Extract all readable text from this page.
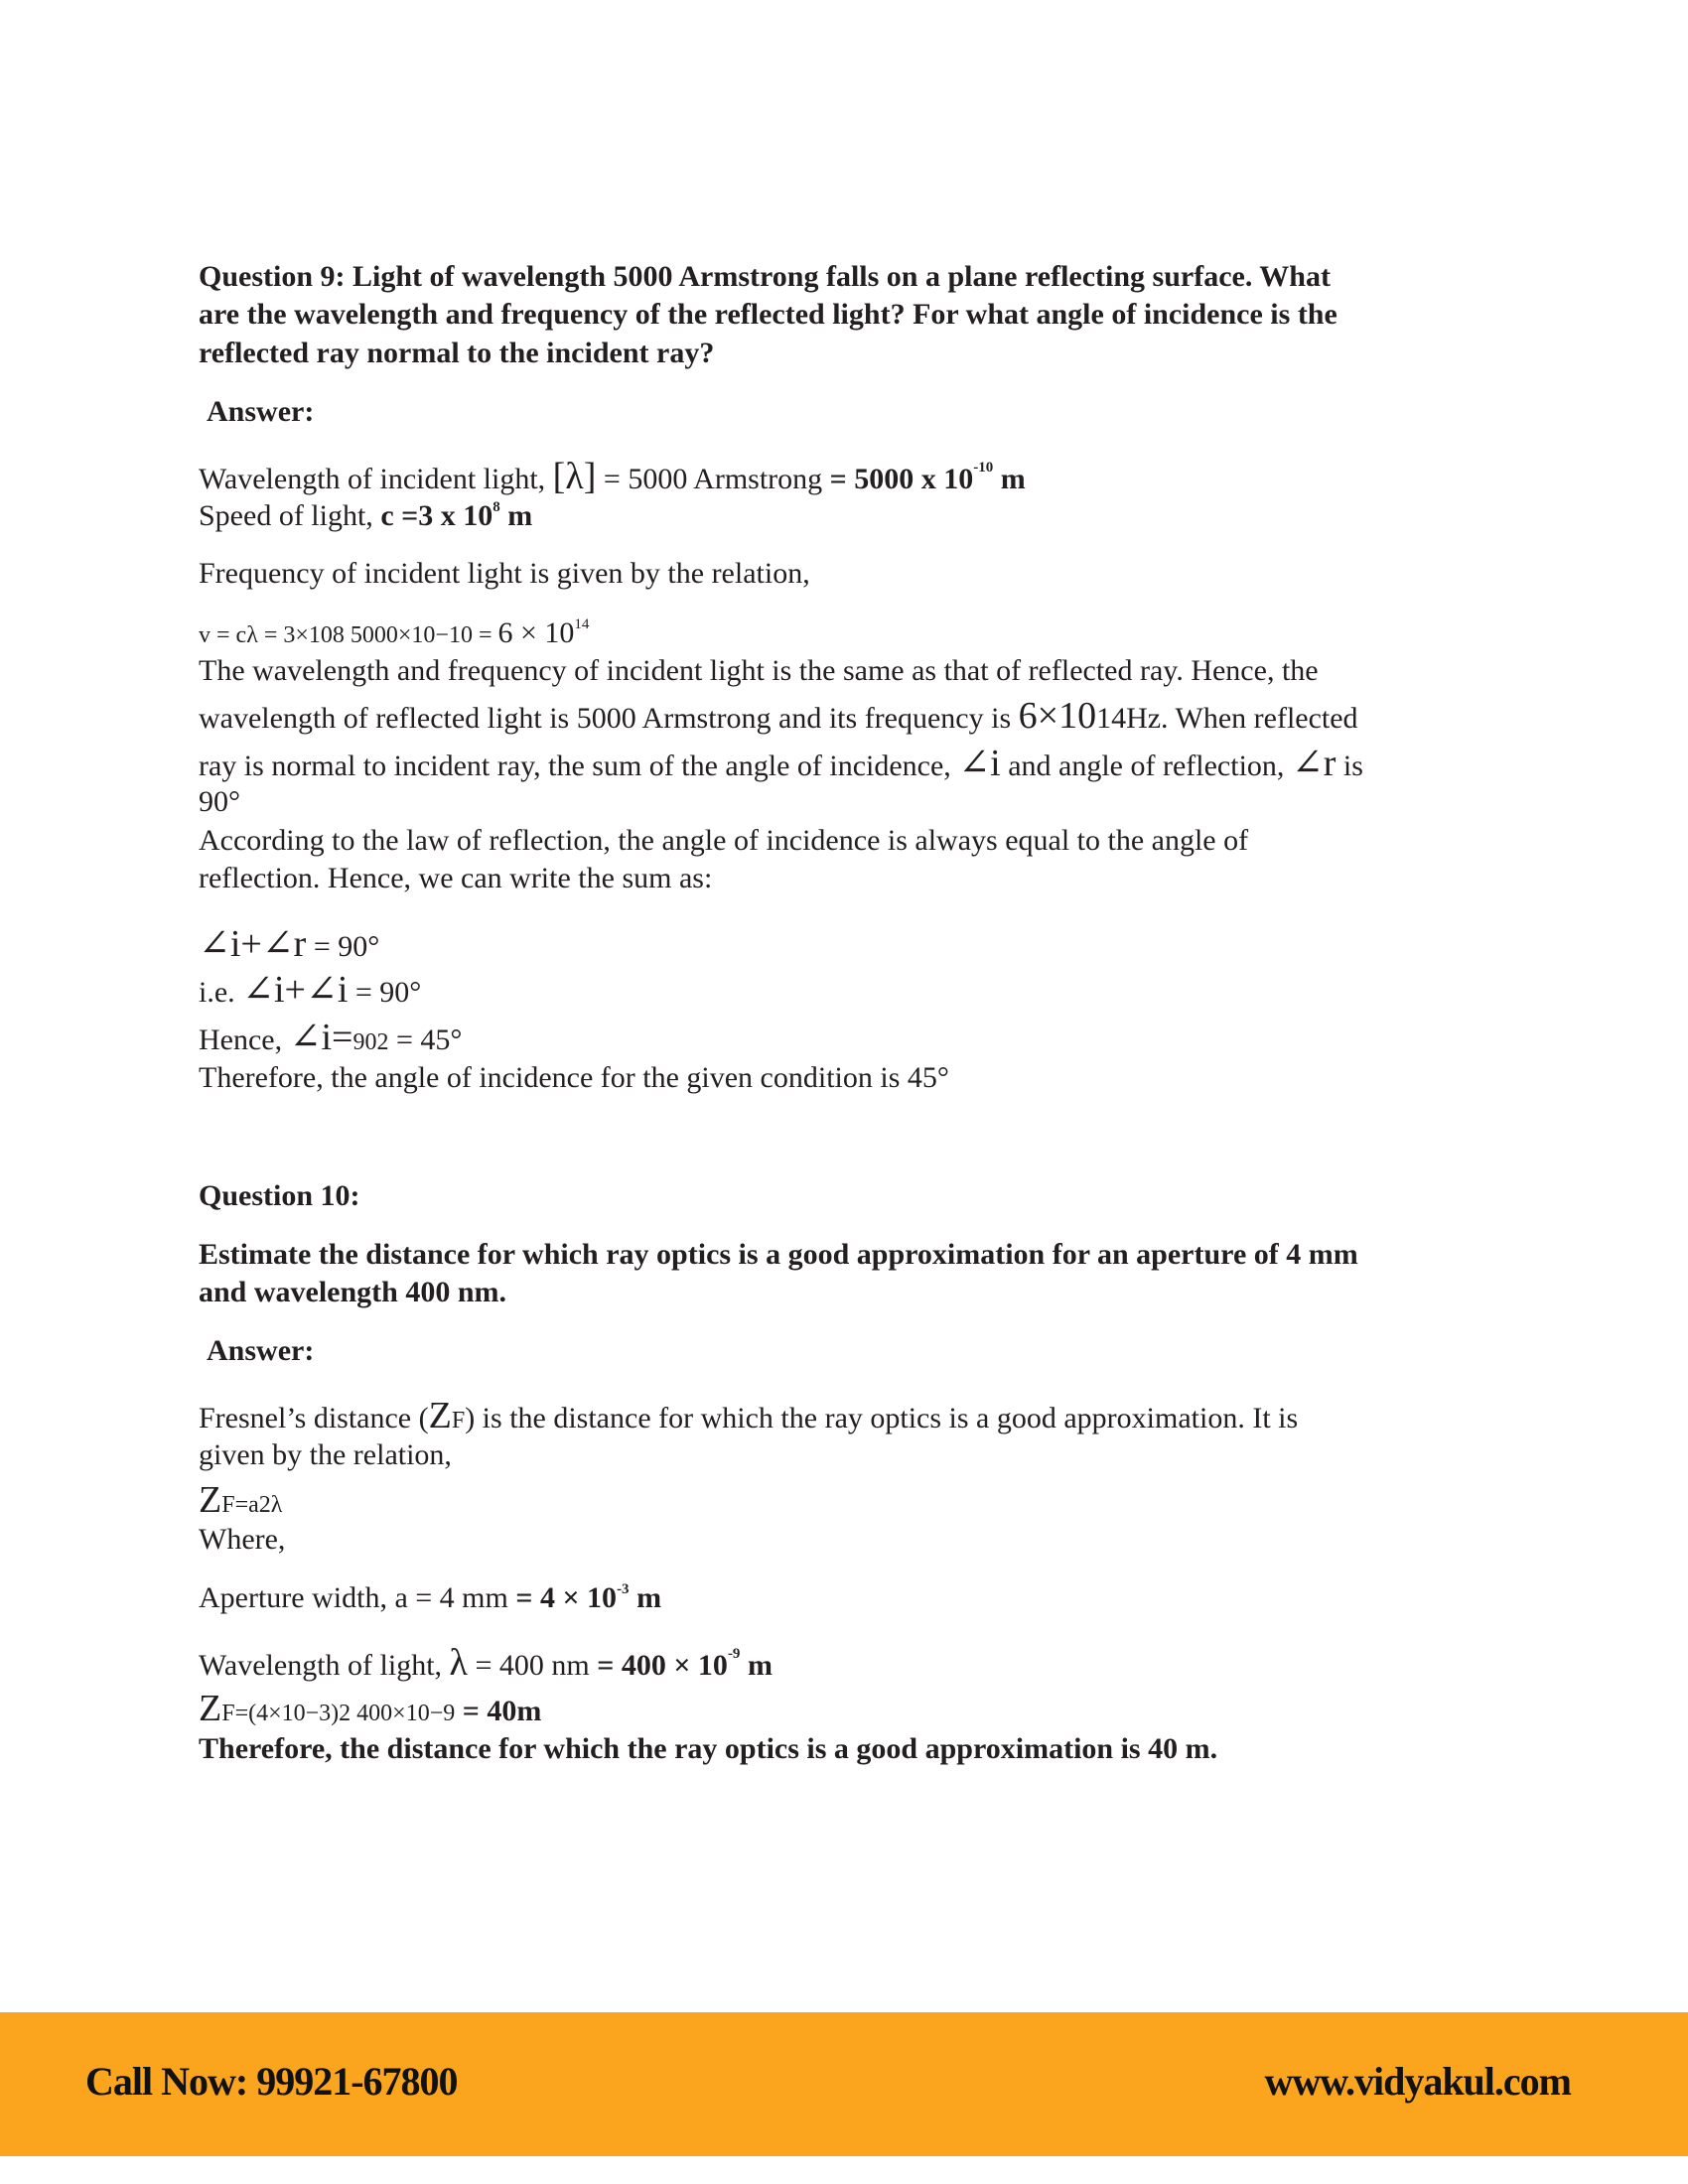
Question 9: Light of wavelength 5000 Armstrong falls on a plane reflecting surface. What
are the wavelength and frequency of the reflected light? For what angle of incidence is the
reflected ray normal to the incident ray?
Answer:
Wavelength of incident light, [λ] = 5000 Armstrong = 5000 x $10^{-10}$ m
Speed of light, c =3 x $10^8$ m
Frequency of incident light is given by the relation,
v = cλ = 3×108 $5000\times 10-10 = 6 \times 10^{14}$
The wavelength and frequency of incident light is the same as that of reflected ray. Hence, the
wavelength of reflected light is 5000 Armstrong and its frequency is 6×1014Hz. When reflected
ray is normal to incident ray, the sum of the angle of incidence, ∠i and angle of reflection, ∠r is
90°
According to the law of reflection, the angle of incidence is always equal to the angle of
reflection. Hence, we can write the sum as:
∠i+∠r = 90°
i.e. ∠i+∠i = 90°
Hence, ∠i=902 = 45°
Therefore, the angle of incidence for the given condition is 45°
Question 10:
Estimate the distance for which ray optics is a good approximation for an aperture of 4 mm
and wavelength 400 nm.
Answer:
Fresnel’s distance (ZF) is the distance for which the ray optics is a good approximation. It is
given by the relation,
ZF=a2λ
Where,
Aperture width, a = 4 mm = $4 \times 10^{-3}$ m
Wavelength of light, λ = 400 nm = $400 \times 10^{-9}$ m
ZF=(4×10−3)2 400×10−9 = 40m
Therefore, the distance for which the ray optics is a good approximation is 40 m.
Call Now: 99921-67800	www.vidyakul.com
